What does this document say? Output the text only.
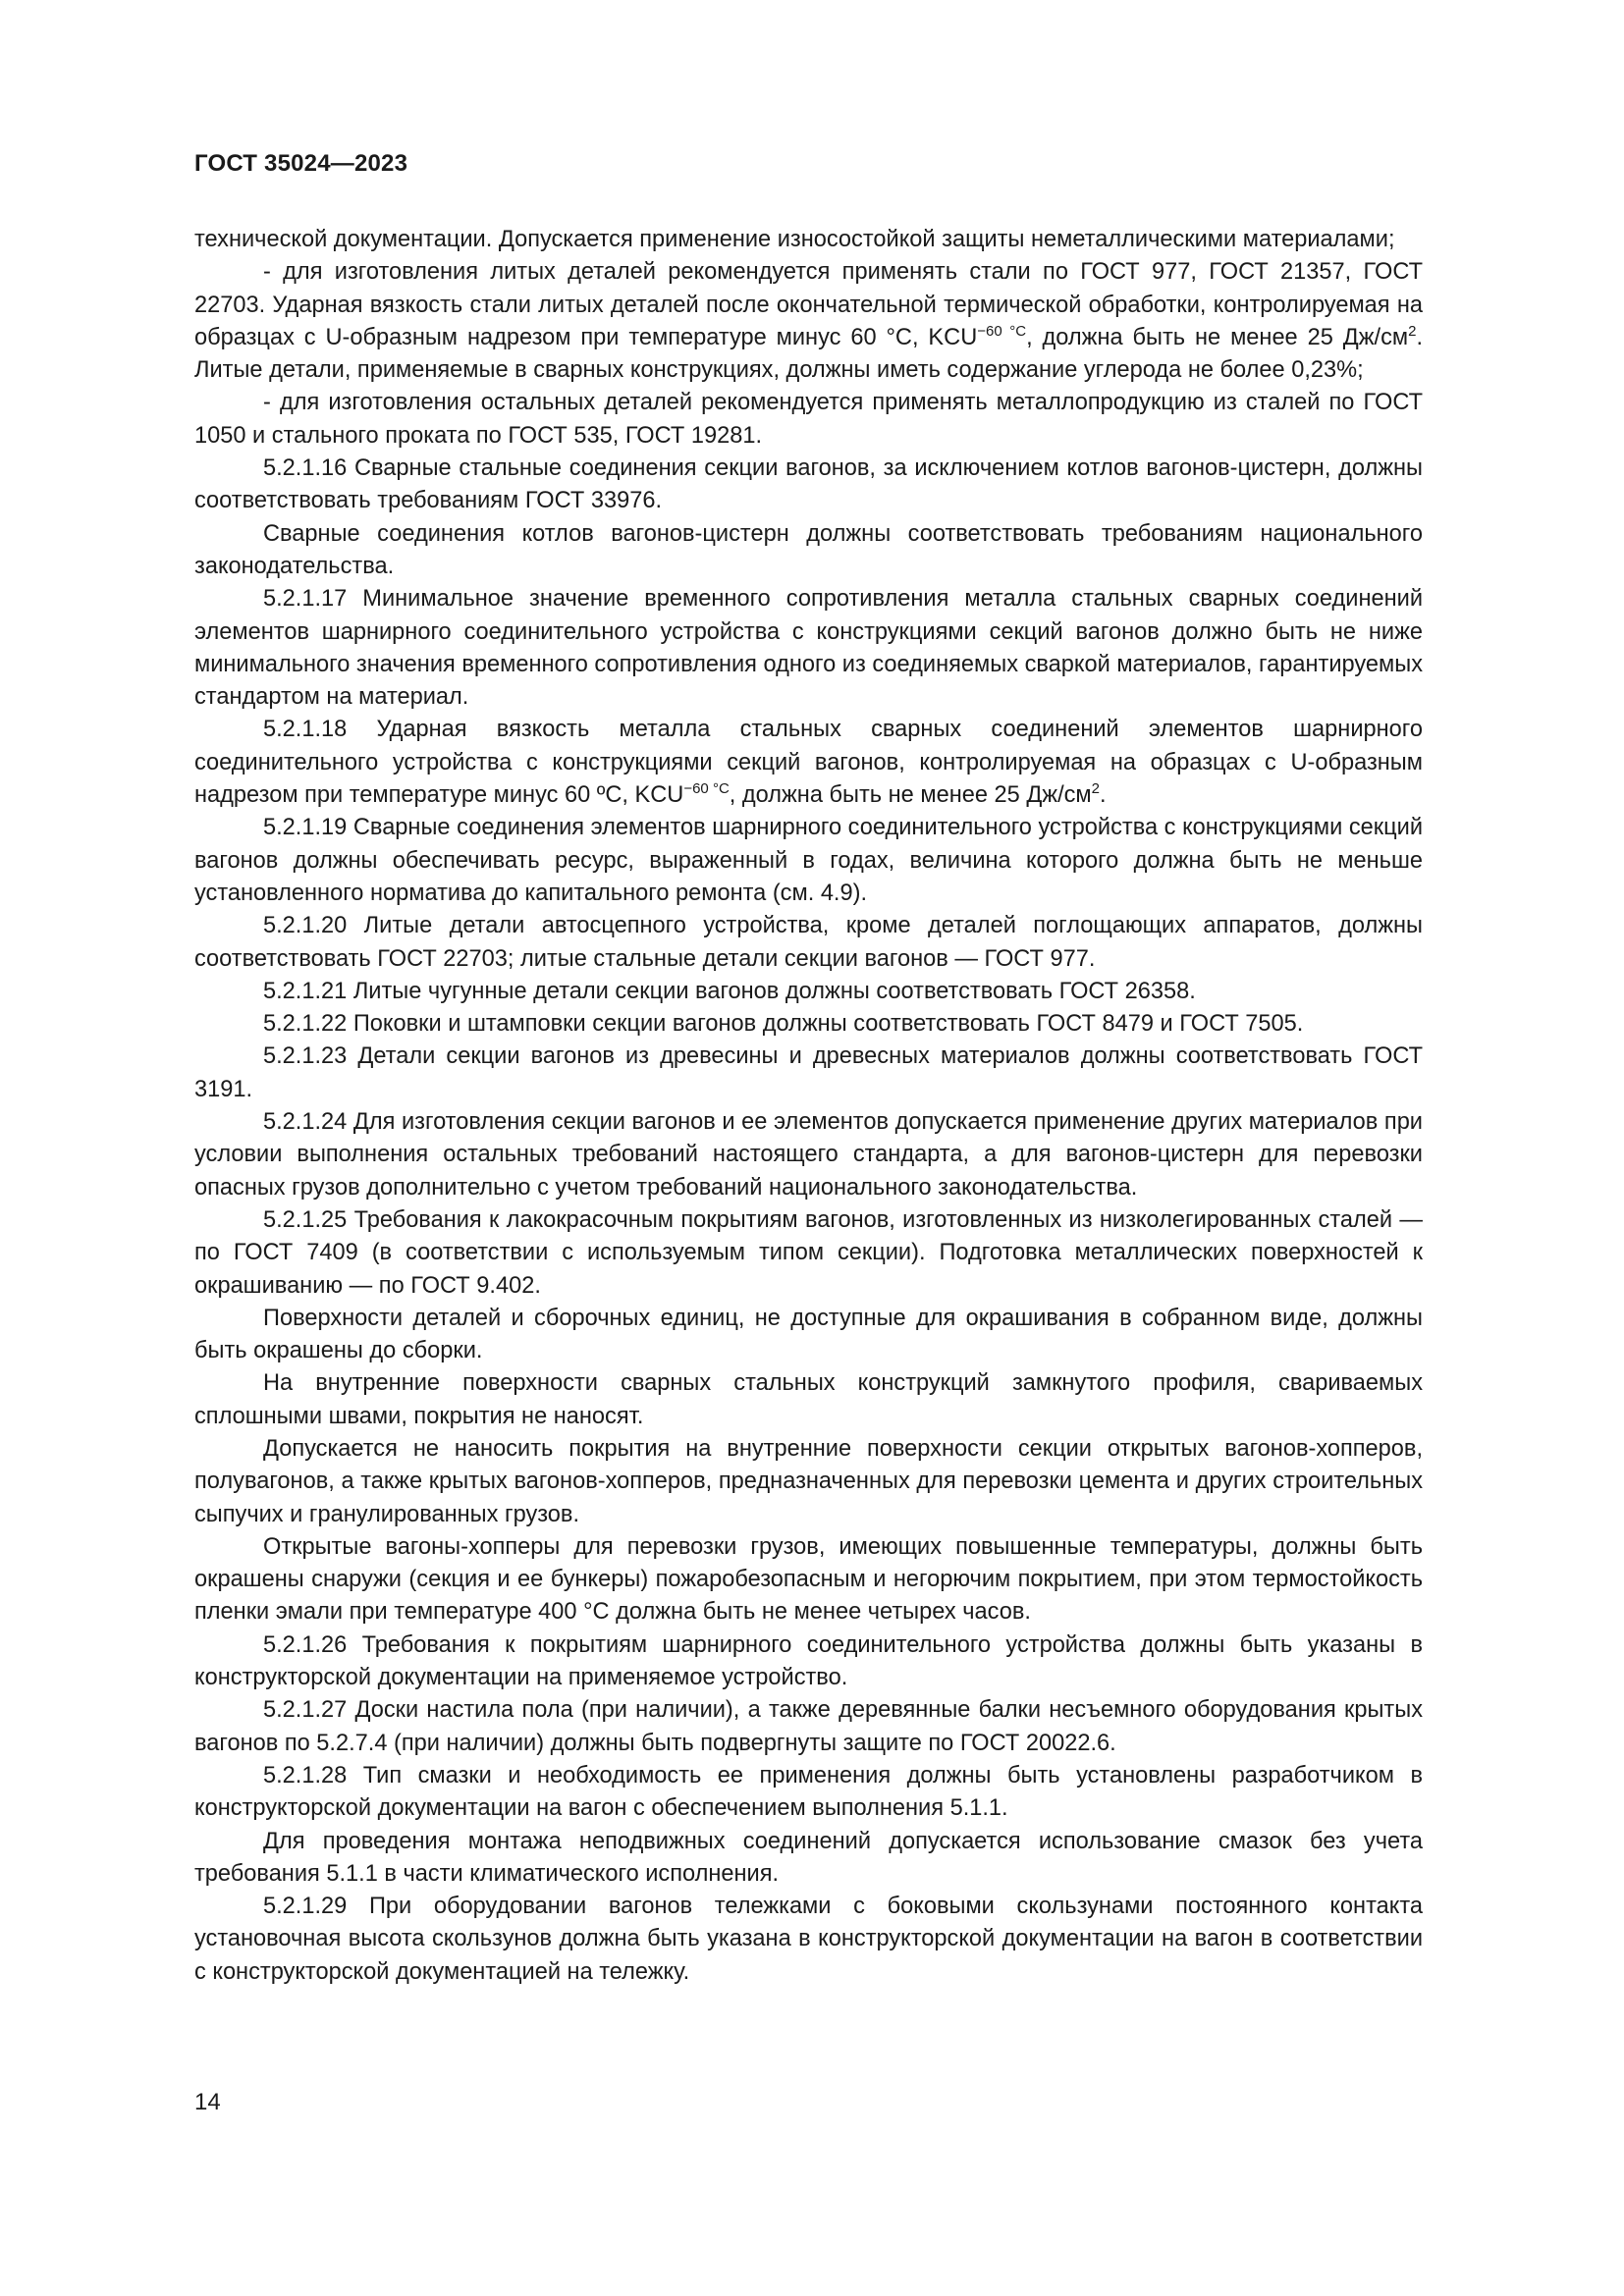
ГОСТ 35024—2023

технической документации. Допускается применение износостойкой защиты неметаллическими материалами;

- для изготовления литых деталей рекомендуется применять стали по ГОСТ 977, ГОСТ 21357, ГОСТ 22703. Ударная вязкость стали литых деталей после окончательной термической обработки, контролируемая на образцах с U-образным надрезом при температуре минус 60 °С, $KCU^{-60 ^\circ С}$, должна быть не менее 25 $Дж/см^2$. Литые детали, применяемые в сварных конструкциях, должны иметь содержание углерода не более 0,23%;

- для изготовления остальных деталей рекомендуется применять металлопродукцию из сталей по ГОСТ 1050 и стального проката по ГОСТ 535, ГОСТ 19281.

5.2.1.16 Сварные стальные соединения секции вагонов, за исключением котлов вагонов-цистерн, должны соответствовать требованиям ГОСТ 33976.

Сварные соединения котлов вагонов-цистерн должны соответствовать требованиям национального законодательства.

5.2.1.17 Минимальное значение временного сопротивления металла стальных сварных соединений элементов шарнирного соединительного устройства с конструкциями секций вагонов должно быть не ниже минимального значения временного сопротивления одного из соединяемых сваркой материалов, гарантируемых стандартом на материал.

5.2.1.18 Ударная вязкость металла стальных сварных соединений элементов шарнирного соединительного устройства с конструкциями секций вагонов, контролируемая на образцах с U-образным надрезом при температуре минус 60 ºС, $KCU^{-60 ^\circ С}$, должна быть не менее 25 $Дж/см^2$.

5.2.1.19 Сварные соединения элементов шарнирного соединительного устройства с конструкциями секций вагонов должны обеспечивать ресурс, выраженный в годах, величина которого должна быть не меньше установленного норматива до капитального ремонта (см. 4.9).

5.2.1.20 Литые детали автосцепного устройства, кроме деталей поглощающих аппаратов, должны соответствовать ГОСТ 22703; литые стальные детали секции вагонов — ГОСТ 977.

5.2.1.21 Литые чугунные детали секции вагонов должны соответствовать ГОСТ 26358.

5.2.1.22 Поковки и штамповки секции вагонов должны соответствовать ГОСТ 8479 и ГОСТ 7505.

5.2.1.23 Детали секции вагонов из древесины и древесных материалов должны соответствовать ГОСТ 3191.

5.2.1.24 Для изготовления секции вагонов и ее элементов допускается применение других материалов при условии выполнения остальных требований настоящего стандарта, а для вагонов-цистерн для перевозки опасных грузов дополнительно с учетом требований национального законодательства.

5.2.1.25 Требования к лакокрасочным покрытиям вагонов, изготовленных из низколегированных сталей — по ГОСТ 7409 (в соответствии с используемым типом секции). Подготовка металлических поверхностей к окрашиванию — по ГОСТ 9.402.

Поверхности деталей и сборочных единиц, не доступные для окрашивания в собранном виде, должны быть окрашены до сборки.

На внутренние поверхности сварных стальных конструкций замкнутого профиля, свариваемых сплошными швами, покрытия не наносят.

Допускается не наносить покрытия на внутренние поверхности секции открытых вагонов-хопперов, полувагонов, а также крытых вагонов-хопперов, предназначенных для перевозки цемента и других строительных сыпучих и гранулированных грузов.

Открытые вагоны-хопперы для перевозки грузов, имеющих повышенные температуры, должны быть окрашены снаружи (секция и ее бункеры) пожаробезопасным и негорючим покрытием, при этом термостойкость пленки эмали при температуре 400 °С должна быть не менее четырех часов.

5.2.1.26 Требования к покрытиям шарнирного соединительного устройства должны быть указаны в конструкторской документации на применяемое устройство.

5.2.1.27 Доски настила пола (при наличии), а также деревянные балки несъемного оборудования крытых вагонов по 5.2.7.4 (при наличии) должны быть подвергнуты защите по ГОСТ 20022.6.

5.2.1.28 Тип смазки и необходимость ее применения должны быть установлены разработчиком в конструкторской документации на вагон с обеспечением выполнения 5.1.1.

Для проведения монтажа неподвижных соединений допускается использование смазок без учета требования 5.1.1 в части климатического исполнения.

5.2.1.29 При оборудовании вагонов тележками с боковыми скользунами постоянного контакта установочная высота скользунов должна быть указана в конструкторской документации на вагон в соответствии с конструкторской документацией на тележку.

14
